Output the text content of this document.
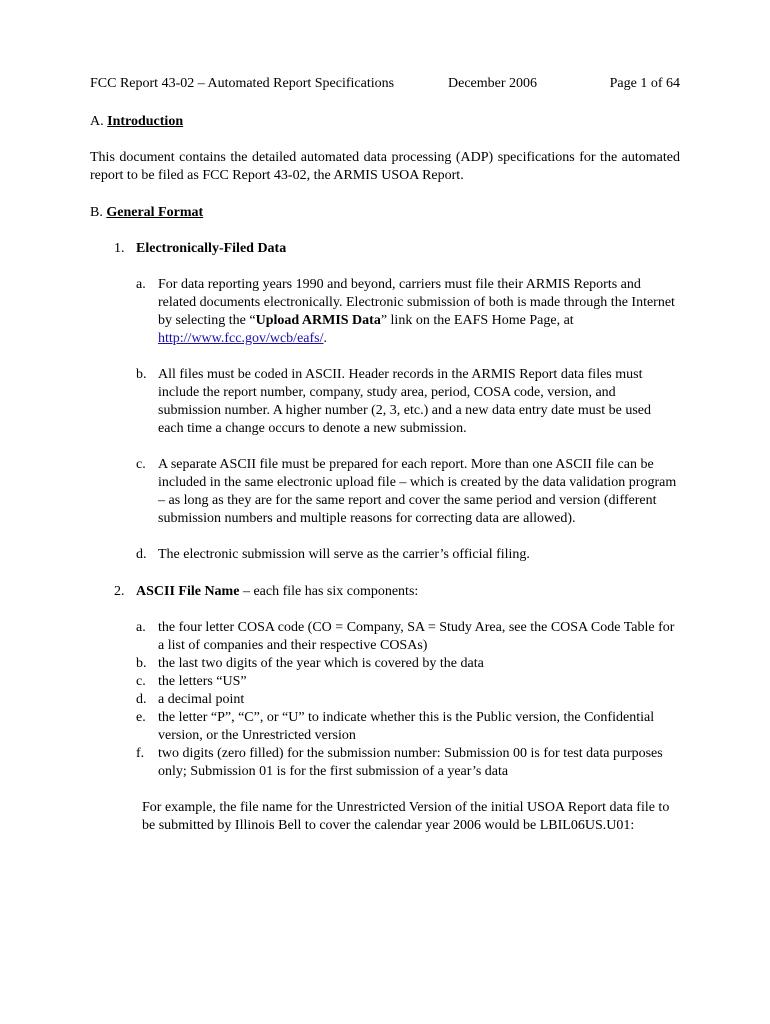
FCC Report 43-02 – Automated Report Specifications	December 2006	Page 1 of 64
A. Introduction
This document contains the detailed automated data processing (ADP) specifications for the automated report to be filed as FCC Report 43-02, the ARMIS USOA Report.
B. General Format
1. Electronically-Filed Data
a. For data reporting years 1990 and beyond, carriers must file their ARMIS Reports and related documents electronically. Electronic submission of both is made through the Internet by selecting the “Upload ARMIS Data” link on the EAFS Home Page, at http://www.fcc.gov/wcb/eafs/.
b. All files must be coded in ASCII. Header records in the ARMIS Report data files must include the report number, company, study area, period, COSA code, version, and submission number. A higher number (2, 3, etc.) and a new data entry date must be used each time a change occurs to denote a new submission.
c. A separate ASCII file must be prepared for each report. More than one ASCII file can be included in the same electronic upload file – which is created by the data validation program – as long as they are for the same report and cover the same period and version (different submission numbers and multiple reasons for correcting data are allowed).
d. The electronic submission will serve as the carrier’s official filing.
2. ASCII File Name – each file has six components:
a. the four letter COSA code (CO = Company, SA = Study Area, see the COSA Code Table for a list of companies and their respective COSAs)
b. the last two digits of the year which is covered by the data
c. the letters “US”
d. a decimal point
e. the letter “P”, “C”, or “U” to indicate whether this is the Public version, the Confidential version, or the Unrestricted version
f. two digits (zero filled) for the submission number: Submission 00 is for test data purposes only; Submission 01 is for the first submission of a year’s data
For example, the file name for the Unrestricted Version of the initial USOA Report data file to be submitted by Illinois Bell to cover the calendar year 2006 would be LBIL06US.U01:
